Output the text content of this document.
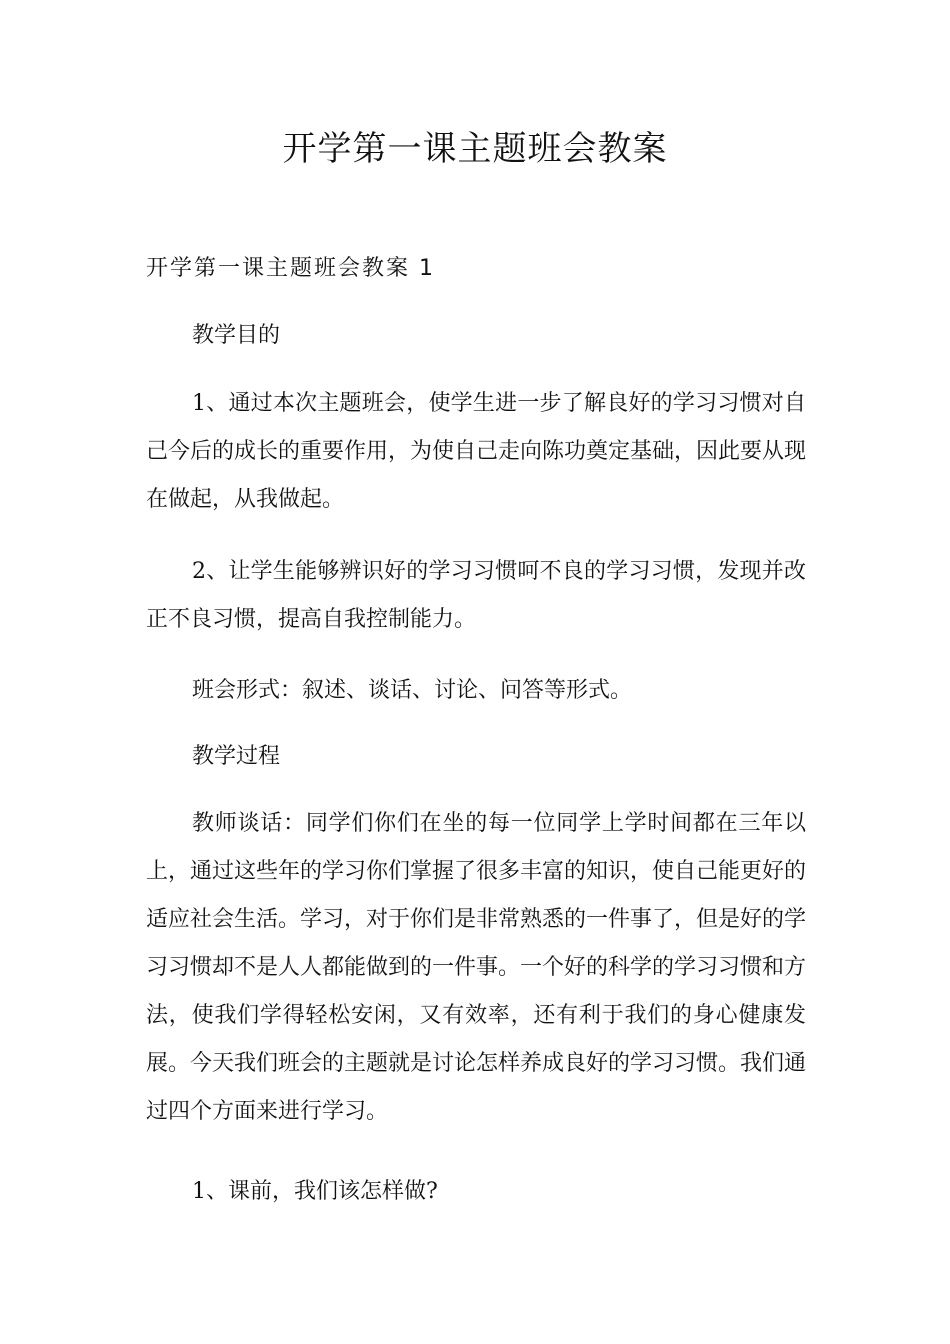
开学第一课主题班会教案
开学第一课主题班会教案 1

教学目的

1、通过本次主题班会，使学生进一步了解良好的学习习惯对自己今后的成长的重要作用，为使自己走向陈功奠定基础，因此要从现在做起，从我做起。

2、让学生能够辨识好的学习习惯呵不良的学习习惯，发现并改正不良习惯，提高自我控制能力。

班会形式：叙述、谈话、讨论、问答等形式。

教学过程

教师谈话：同学们你们在坐的每一位同学上学时间都在三年以上，通过这些年的学习你们掌握了很多丰富的知识，使自己能更好的适应社会生活。学习，对于你们是非常熟悉的一件事了，但是好的学习习惯却不是人人都能做到的一件事。一个好的科学的学习习惯和方法，使我们学得轻松安闲，又有效率，还有利于我们的身心健康发展。今天我们班会的主题就是讨论怎样养成良好的学习习惯。我们通过四个方面来进行学习。

1、课前，我们该怎样做?
